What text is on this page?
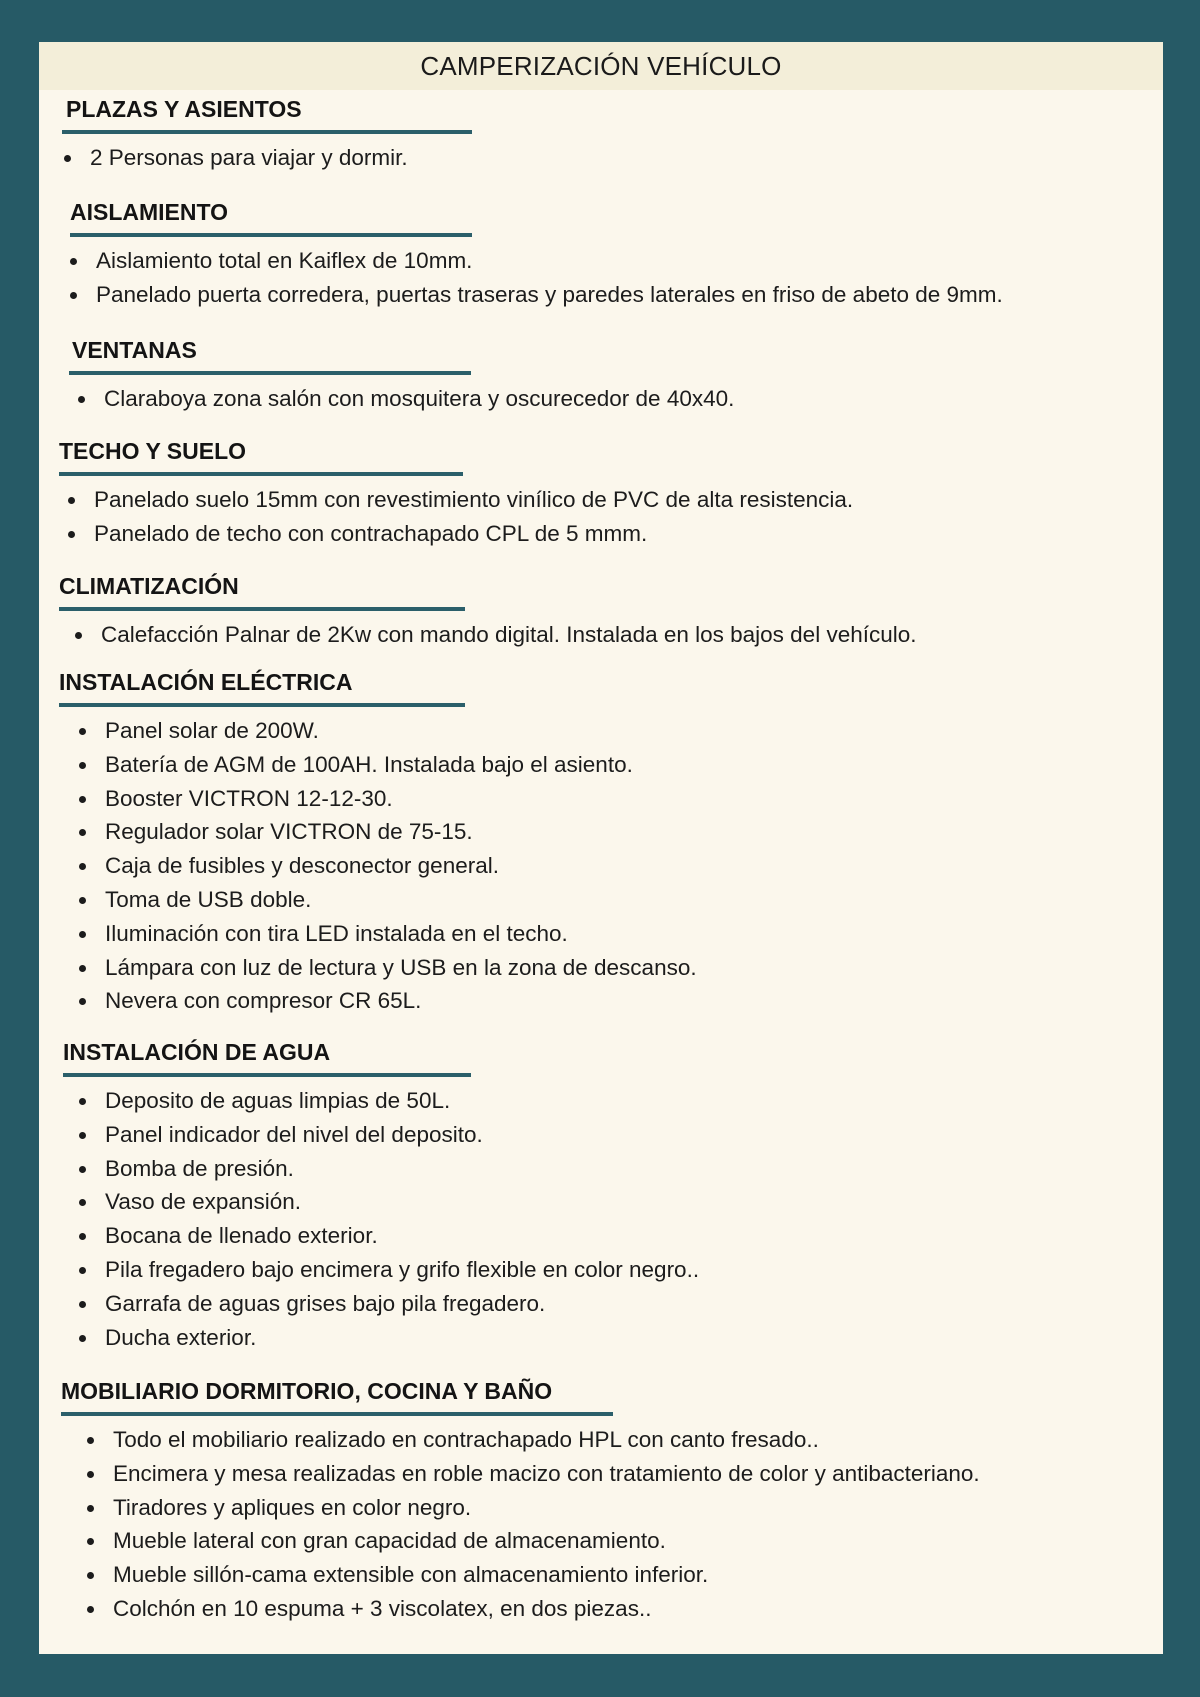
CAMPERIZACIÓN VEHÍCULO
PLAZAS Y ASIENTOS
2 Personas para viajar y dormir.
AISLAMIENTO
Aislamiento total en Kaiflex de 10mm.
Panelado puerta corredera, puertas traseras y paredes laterales en friso de abeto de 9mm.
VENTANAS
Claraboya zona salón con mosquitera y oscurecedor de 40x40.
TECHO Y SUELO
Panelado suelo 15mm con revestimiento vinílico de PVC de alta resistencia.
Panelado de techo con contrachapado CPL de 5 mmm.
CLIMATIZACIÓN
Calefacción Palnar de 2Kw con mando digital. Instalada en los bajos del vehículo.
INSTALACIÓN ELÉCTRICA
Panel solar de 200W.
Batería de AGM de 100AH. Instalada bajo el asiento.
Booster VICTRON 12-12-30.
Regulador solar VICTRON de 75-15.
Caja de fusibles y desconector general.
Toma de USB doble.
Iluminación con tira LED instalada en el techo.
Lámpara con luz de lectura y USB en la zona de descanso.
Nevera con compresor CR 65L.
INSTALACIÓN DE AGUA
Deposito de aguas limpias de 50L.
Panel indicador del nivel del deposito.
Bomba de presión.
Vaso de expansión.
Bocana de llenado exterior.
Pila fregadero bajo encimera y grifo flexible en color negro..
Garrafa de aguas grises bajo pila fregadero.
Ducha exterior.
MOBILIARIO DORMITORIO, COCINA Y BAÑO
Todo el mobiliario realizado en contrachapado HPL con canto fresado..
Encimera y mesa realizadas en roble macizo con tratamiento de color y antibacteriano.
Tiradores y apliques en color negro.
Mueble lateral con gran capacidad de almacenamiento.
Mueble sillón-cama extensible con almacenamiento inferior.
Colchón en 10 espuma + 3 viscolatex, en dos piezas..
